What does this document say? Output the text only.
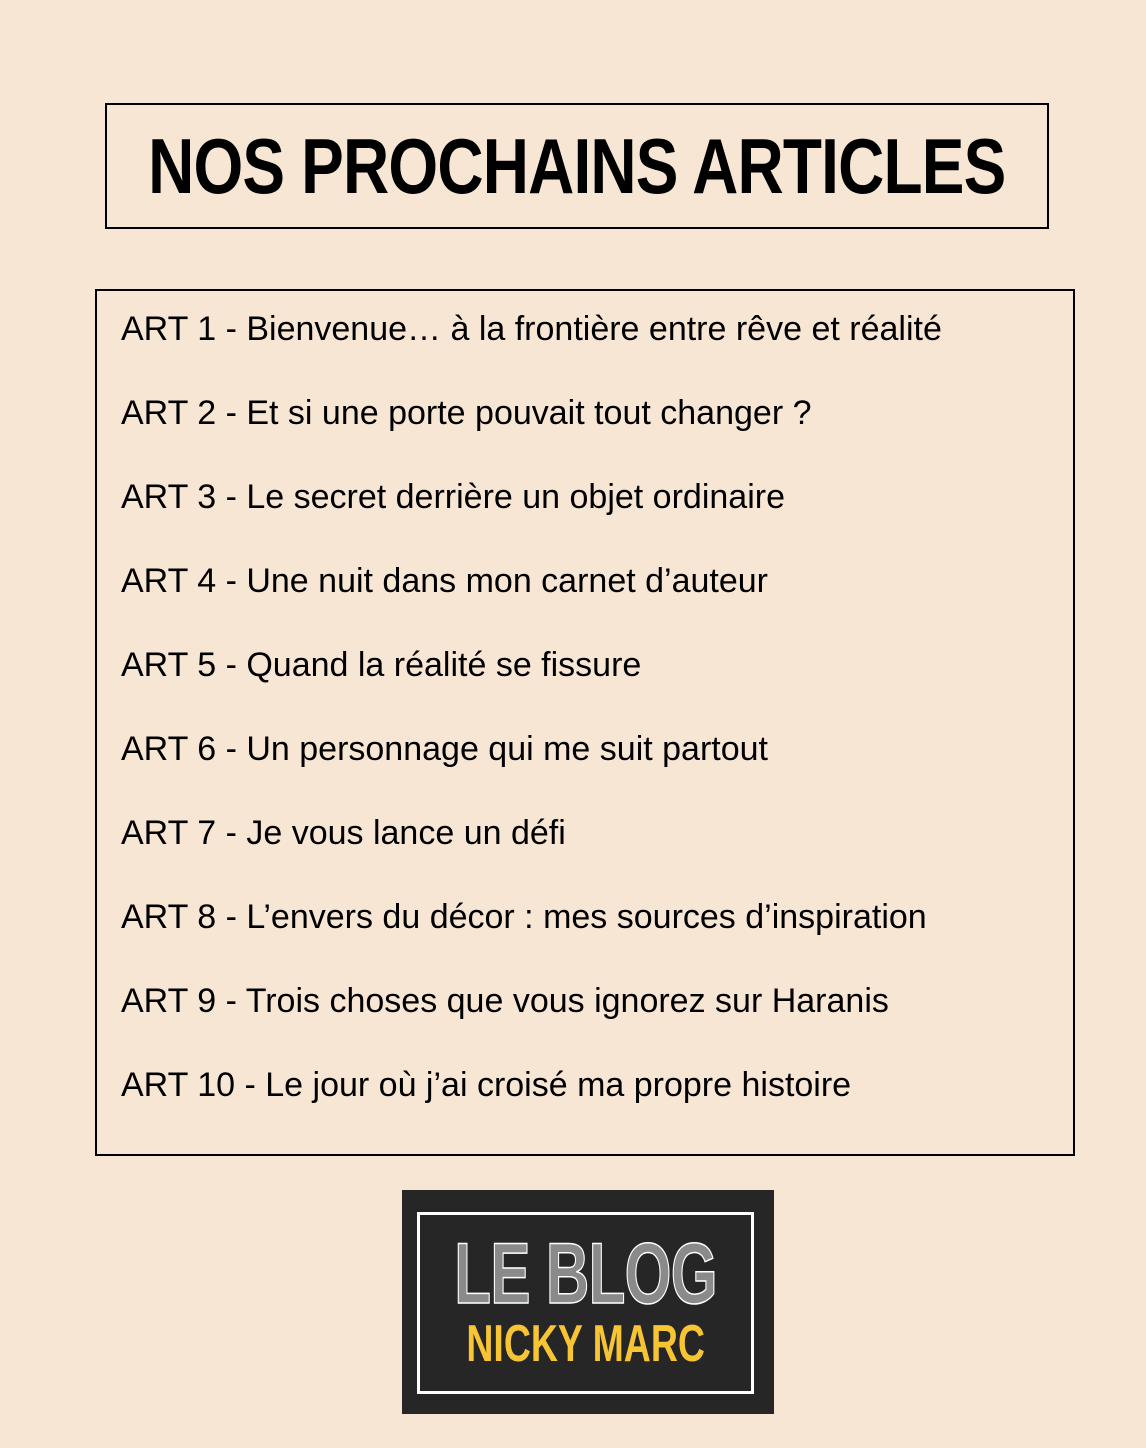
NOS PROCHAINS ARTICLES
ART 1 - Bienvenue… à la frontière entre rêve et réalité
ART 2 - Et si une porte pouvait tout changer ?
ART 3 - Le secret derrière un objet ordinaire
ART 4 - Une nuit dans mon carnet d’auteur
ART 5 - Quand la réalité se fissure
ART 6 - Un personnage qui me suit partout
ART 7 - Je vous lance un défi
ART 8 - L’envers du décor : mes sources d’inspiration
ART 9 - Trois choses que vous ignorez sur Haranis
ART 10 - Le jour où j’ai croisé ma propre histoire
LE BLOG
NICKY MARC
